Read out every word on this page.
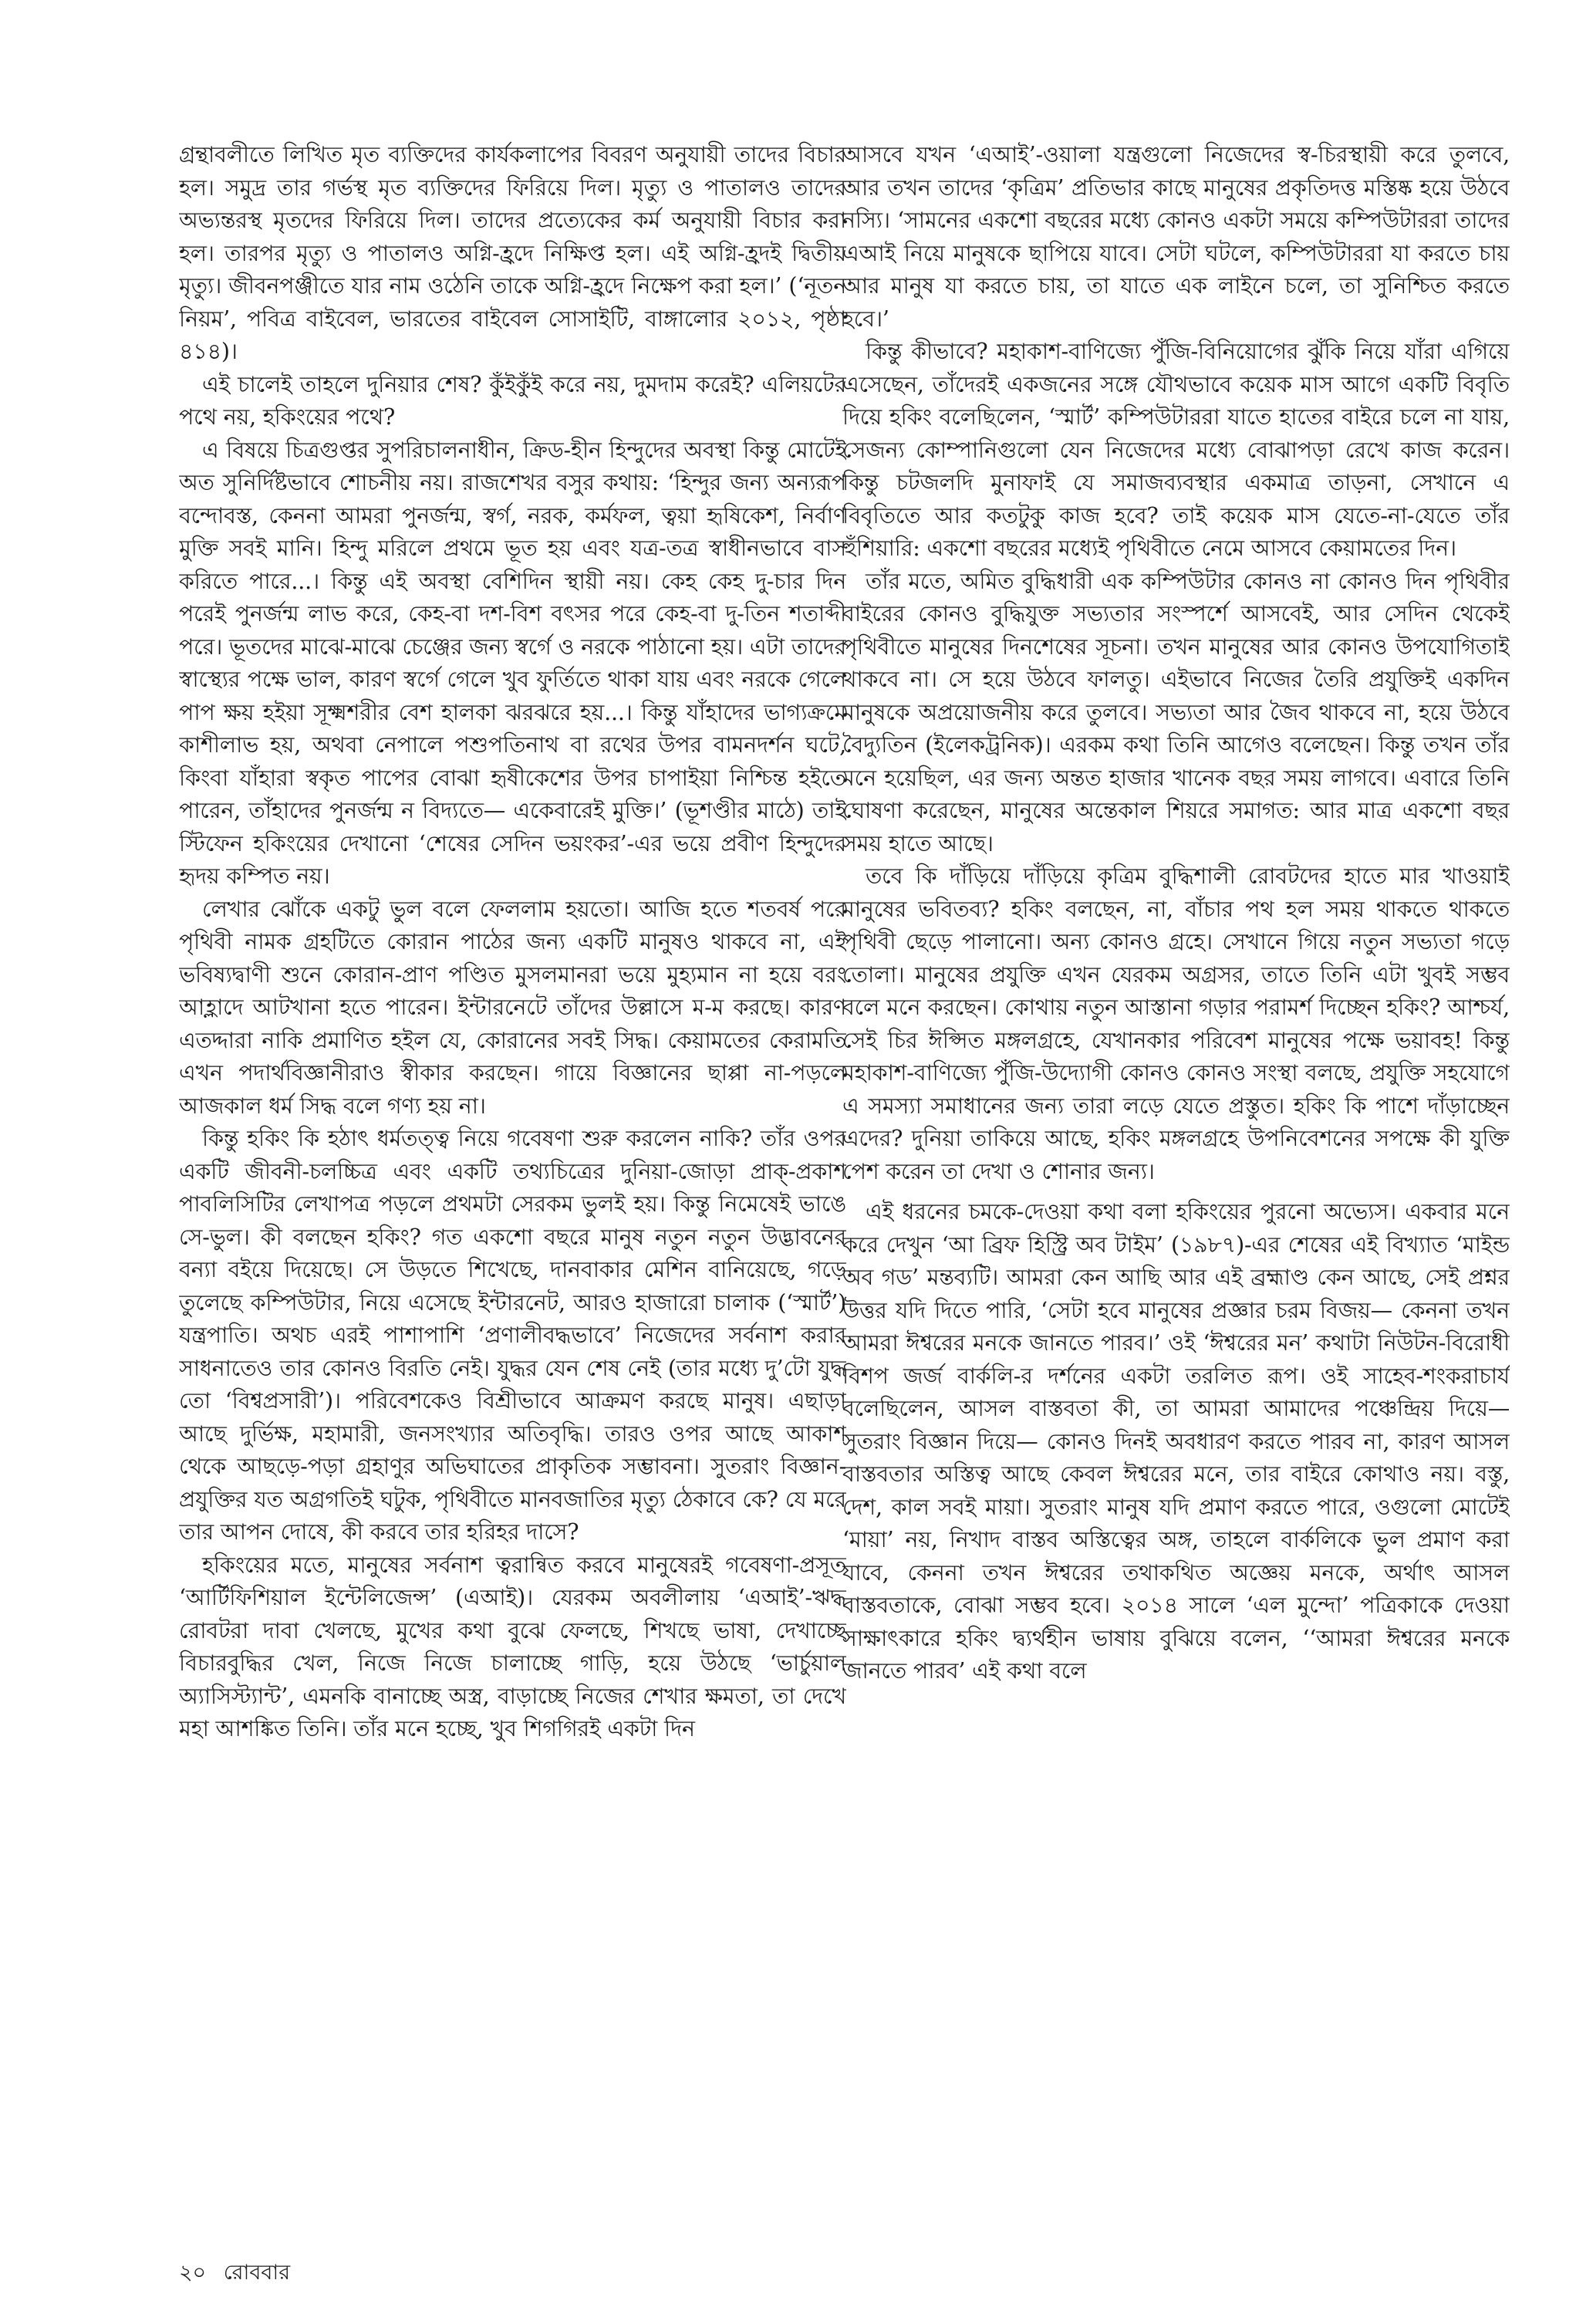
গ্রন্থাবলীতে লিখিত মৃত ব্যক্তিদের কার্যকলাপের বিবরণ অনুযায়ী তাদের বিচার হল। সমুদ্র তার গর্ভস্থ মৃত ব্যক্তিদের ফিরিয়ে দিল। মৃত্যু ও পাতালও তাদের অভ্যন্তরস্থ মৃতদের ফিরিয়ে দিল। তাদের প্রত্যেকের কর্ম অনুযায়ী বিচার করা হল। তারপর মৃত্যু ও পাতালও অগ্নি-হ্রদে নিক্ষিপ্ত হল। এই অগ্নি-হ্রদই দ্বিতীয় মৃত্যু। জীবনপঞ্জীতে যার নাম ওঠেনি তাকে অগ্নি-হ্রদে নিক্ষেপ করা হল।’ (‘নূতন নিয়ম’, পবিত্র বাইবেল, ভারতের বাইবেল সোসাইটি, বাঙ্গালোর ২০১২, পৃষ্ঠা ৪১৪)।

এই চালেই তাহলে দুনিয়ার শেষ? কুঁইকুঁই করে নয়, দুমদাম করেই? এলিয়টের পথে নয়, হকিংয়ের পথে?

এ বিষয়ে চিত্রগুপ্তর সুপরিচালনাধীন, ক্রিড-হীন হিন্দুদের অবস্থা কিন্তু মোটেই অত সুনির্দিষ্টভাবে শোচনীয় নয়। রাজশেখর বসুর কথায়: ‘হিন্দুর জন্য অন্যরূপ বন্দোবস্ত, কেননা আমরা পুনর্জন্ম, স্বর্গ, নরক, কর্মফল, ত্বয়া হৃষিকেশ, নির্বাণ মুক্তি সবই মানি। হিন্দু মরিলে প্রথমে ভূত হয় এবং যত্র-তত্র স্বাধীনভাবে বাস করিতে পারে...। কিন্তু এই অবস্থা বেশিদিন স্থায়ী নয়। কেহ কেহ দু-চার দিন পরেই পুনর্জন্ম লাভ করে, কেহ-বা দশ-বিশ বৎসর পরে কেহ-বা দু-তিন শতাব্দী পরে। ভূতদের মাঝে-মাঝে চেঞ্জের জন্য স্বর্গে ও নরকে পাঠানো হয়। এটা তাদের স্বাস্থ্যের পক্ষে ভাল, কারণ স্বর্গে গেলে খুব ফুর্তিতে থাকা যায় এবং নরকে গেলে পাপ ক্ষয় হইয়া সূক্ষ্মশরীর বেশ হালকা ঝরঝরে হয়...। কিন্তু যাঁহাদের ভাগ্যক্রমে কাশীলাভ হয়, অথবা নেপালে পশুপতিনাথ বা রথের উপর বামনদর্শন ঘটে, কিংবা যাঁহারা স্বকৃত পাপের বোঝা হৃষীকেশের উপর চাপাইয়া নিশ্চিন্ত হইতে পারেন, তাঁহাদের পুনর্জন্ম ন বিদ্যতে— একেবারেই মুক্তি।’ (ভূশণ্ডীর মাঠে) তাই স্টিফেন হকিংয়ের দেখানো ‘শেষের সেদিন ভয়ংকর’-এর ভয়ে প্রবীণ হিন্দুদের হৃদয় কম্পিত নয়।

লেখার ঝোঁকে একটু ভুল বলে ফেললাম হয়তো। আজি হতে শতবর্ষ পরে পৃথিবী নামক গ্রহটিতে কোরান পাঠের জন্য একটি মানুষও থাকবে না, এই ভবিষ্যদ্বাণী শুনে কোরান-প্রাণ পণ্ডিত মুসলমানরা ভয়ে মুহ্যমান না হয়ে বরং আহ্লাদে আটখানা হতে পারেন। ইন্টারনেটে তাঁদের উল্লাসে ম-ম করছে। কারণ এতদ্দারা নাকি প্রমাণিত হইল যে, কোরানের সবই সিদ্ধ। কেয়ামতের কেরামতি এখন পদার্থবিজ্ঞানীরাও স্বীকার করছেন। গায়ে বিজ্ঞানের ছাপ্পা না-পড়লে আজকাল ধর্ম সিদ্ধ বলে গণ্য হয় না।

কিন্তু হকিং কি হঠাৎ ধর্মতত্ত্ব নিয়ে গবেষণা শুরু করলেন নাকি? তাঁর ওপর একটি জীবনী-চলচ্চিত্র এবং একটি তথ্যচিত্রের দুনিয়া-জোড়া প্রাক্-প্রকাশ পাবলিসিটির লেখাপত্র পড়লে প্রথমটা সেরকম ভুলই হয়। কিন্তু নিমেষেই ভাঙে সে-ভুল। কী বলছেন হকিং? গত একশো বছরে মানুষ নতুন নতুন উদ্ভাবনের বন্যা বইয়ে দিয়েছে। সে উড়তে শিখেছে, দানবাকার মেশিন বানিয়েছে, গড়ে তুলেছে কম্পিউটার, নিয়ে এসেছে ইন্টারনেট, আরও হাজারো চালাক (‘স্মার্ট’) যন্ত্রপাতি। অথচ এরই পাশাপাশি ‘প্রণালীবদ্ধভাবে’ নিজেদের সর্বনাশ করার সাধনাতেও তার কোনও বিরতি নেই। যুদ্ধর যেন শেষ নেই (তার মধ্যে দু’টো যুদ্ধ তো ‘বিশ্বপ্রসারী’)। পরিবেশকেও বিশ্রীভাবে আক্রমণ করছে মানুষ। এছাড়া আছে দুর্ভিক্ষ, মহামারী, জনসংখ্যার অতিবৃদ্ধি। তারও ওপর আছে আকাশ থেকে আছড়ে-পড়া গ্রহাণুর অভিঘাতের প্রাকৃতিক সম্ভাবনা। সুতরাং বিজ্ঞান-প্রযুক্তির যত অগ্রগতিই ঘটুক, পৃথিবীতে মানবজাতির মৃত্যু ঠেকাবে কে? যে মরে তার আপন দোষে, কী করবে তার হরিহর দাসে?

হকিংয়ের মতে, মানুষের সর্বনাশ ত্বরান্বিত করবে মানুষেরই গবেষণা-প্রসূত ‘আর্টিফিশিয়াল ইন্টেলিজেন্স’ (এআই)। যেরকম অবলীলায় ‘এআই’-ঋদ্ধ রোবটরা দাবা খেলছে, মুখের কথা বুঝে ফেলছে, শিখছে ভাষা, দেখাচ্ছে বিচারবুদ্ধির খেল, নিজে নিজে চালাচ্ছে গাড়ি, হয়ে উঠছে ‘ভার্চুয়াল অ্যাসিস্ট্যান্ট’, এমনকি বানাচ্ছে অস্ত্র, বাড়াচ্ছে নিজের শেখার ক্ষমতা, তা দেখে মহা আশঙ্কিত তিনি। তাঁর মনে হচ্ছে, খুব শিগগিরই একটা দিন

আসবে যখন ‘এআই’-ওয়ালা যন্ত্রগুলো নিজেদের স্ব-চিরস্থায়ী করে তুলবে, আর তখন তাদের ‘কৃত্রিম’ প্রতিভার কাছে মানুষের প্রকৃতিদত্ত মস্তিষ্ক হয়ে উঠবে নস্যি। ‘সামনের একশো বছরের মধ্যে কোনও একটা সময়ে কম্পিউটাররা তাদের এআই নিয়ে মানুষকে ছাপিয়ে যাবে। সেটা ঘটলে, কম্পিউটাররা যা করতে চায় আর মানুষ যা করতে চায়, তা যাতে এক লাইনে চলে, তা সুনিশ্চিত করতে হবে।’

কিন্তু কীভাবে? মহাকাশ-বাণিজ্যে পুঁজি-বিনিয়োগের ঝুঁকি নিয়ে যাঁরা এগিয়ে এসেছেন, তাঁদেরই একজনের সঙ্গে যৌথভাবে কয়েক মাস আগে একটি বিবৃতি দিয়ে হকিং বলেছিলেন, ‘স্মার্ট’ কম্পিউটাররা যাতে হাতের বাইরে চলে না যায়, সেজন্য কোম্পানিগুলো যেন নিজেদের মধ্যে বোঝাপড়া রেখে কাজ করেন। কিন্তু চটজলদি মুনাফাই যে সমাজব্যবস্থার একমাত্র তাড়না, সেখানে এ বিবৃতিতে আর কতটুকু কাজ হবে? তাই কয়েক মাস যেতে-না-যেতে তাঁর হুঁশিয়ারি: একশো বছরের মধ্যেই পৃথিবীতে নেমে আসবে কেয়ামতের দিন।

তাঁর মতে, অমিত বুদ্ধিধারী এক কম্পিউটার কোনও না কোনও দিন পৃথিবীর বাইরের কোনও বুদ্ধিযুক্ত সভ্যতার সংস্পর্শে আসবেই, আর সেদিন থেকেই পৃথিবীতে মানুষের দিনশেষের সূচনা। তখন মানুষের আর কোনও উপযোগিতাই থাকবে না। সে হয়ে উঠবে ফালতু। এইভাবে নিজের তৈরি প্রযুক্তিই একদিন মানুষকে অপ্রয়োজনীয় করে তুলবে। সভ্যতা আর জৈব থাকবে না, হয়ে উঠবে বৈদ্যুতিন (ইলেকট্রনিক)। এরকম কথা তিনি আগেও বলেছেন। কিন্তু তখন তাঁর মনে হয়েছিল, এর জন্য অন্তত হাজার খানেক বছর সময় লাগবে। এবারে তিনি ঘোষণা করেছেন, মানুষের অন্তেকাল শিয়রে সমাগত: আর মাত্র একশো বছর সময় হাতে আছে।

তবে কি দাঁড়িয়ে দাঁড়িয়ে কৃত্রিম বুদ্ধিশালী রোবটদের হাতে মার খাওয়াই মানুষের ভবিতব্য? হকিং বলছেন, না, বাঁচার পথ হল সময় থাকতে থাকতে পৃথিবী ছেড়ে পালানো। অন্য কোনও গ্রহে। সেখানে গিয়ে নতুন সভ্যতা গড়ে তোলা। মানুষের প্রযুক্তি এখন যেরকম অগ্রসর, তাতে তিনি এটা খুবই সম্ভব বলে মনে করছেন। কোথায় নতুন আস্তানা গড়ার পরামর্শ দিচ্ছেন হকিং? আশ্চর্য, সেই চির ঈপ্সিত মঙ্গলগ্রহে, যেখানকার পরিবেশ মানুষের পক্ষে ভয়াবহ! কিন্তু মহাকাশ-বাণিজ্যে পুঁজি-উদ্যোগী কোনও কোনও সংস্থা বলছে, প্রযুক্তি সহযোগে এ সমস্যা সমাধানের জন্য তারা লড়ে যেতে প্রস্তুত। হকিং কি পাশে দাঁড়াচ্ছেন এদের? দুনিয়া তাকিয়ে আছে, হকিং মঙ্গলগ্রহে উপনিবেশনের সপক্ষে কী যুক্তি পেশ করেন তা দেখা ও শোনার জন্য।

এই ধরনের চমকে-দেওয়া কথা বলা হকিংয়ের পুরনো অভ্যেস। একবার মনে করে দেখুন ‘আ ব্রিফ হিস্ট্রি অব টাইম’ (১৯৮৭)-এর শেষের এই বিখ্যাত ‘মাইন্ড অব গড’ মন্তব্যটি। আমরা কেন আছি আর এই ব্রহ্মাণ্ড কেন আছে, সেই প্রশ্নর উত্তর যদি দিতে পারি, ‘সেটা হবে মানুষের প্রজ্ঞার চরম বিজয়— কেননা তখন আমরা ঈশ্বরের মনকে জানতে পারব।’ ওই ‘ঈশ্বরের মন’ কথাটা নিউটন-বিরোধী বিশপ জর্জ বার্কলি-র দর্শনের একটা তরলিত রূপ। ওই সাহেব-শংকরাচার্য বলেছিলেন, আসল বাস্তবতা কী, তা আমরা আমাদের পঞ্চেন্দ্রিয় দিয়ে— সুতরাং বিজ্ঞান দিয়ে— কোনও দিনই অবধারণ করতে পারব না, কারণ আসল বাস্তবতার অস্তিত্ব আছে কেবল ঈশ্বরের মনে, তার বাইরে কোথাও নয়। বস্তু, দেশ, কাল সবই মায়া। সুতরাং মানুষ যদি প্রমাণ করতে পারে, ওগুলো মোটেই ‘মায়া’ নয়, নিখাদ বাস্তব অস্তিত্বের অঙ্গ, তাহলে বার্কলিকে ভুল প্রমাণ করা যাবে, কেননা তখন ঈশ্বরের তথাকথিত অজ্ঞেয় মনকে, অর্থাৎ আসল বাস্তবতাকে, বোঝা সম্ভব হবে। ২০১৪ সালে ‘এল মুন্দো’ পত্রিকাকে দেওয়া সাক্ষাৎকারে হকিং দ্ব্যর্থহীন ভাষায় বুঝিয়ে বলেন, ‘‘আমরা ঈশ্বরের মনকে জানতে পারব’ এই কথা বলে

২০ রোববার
